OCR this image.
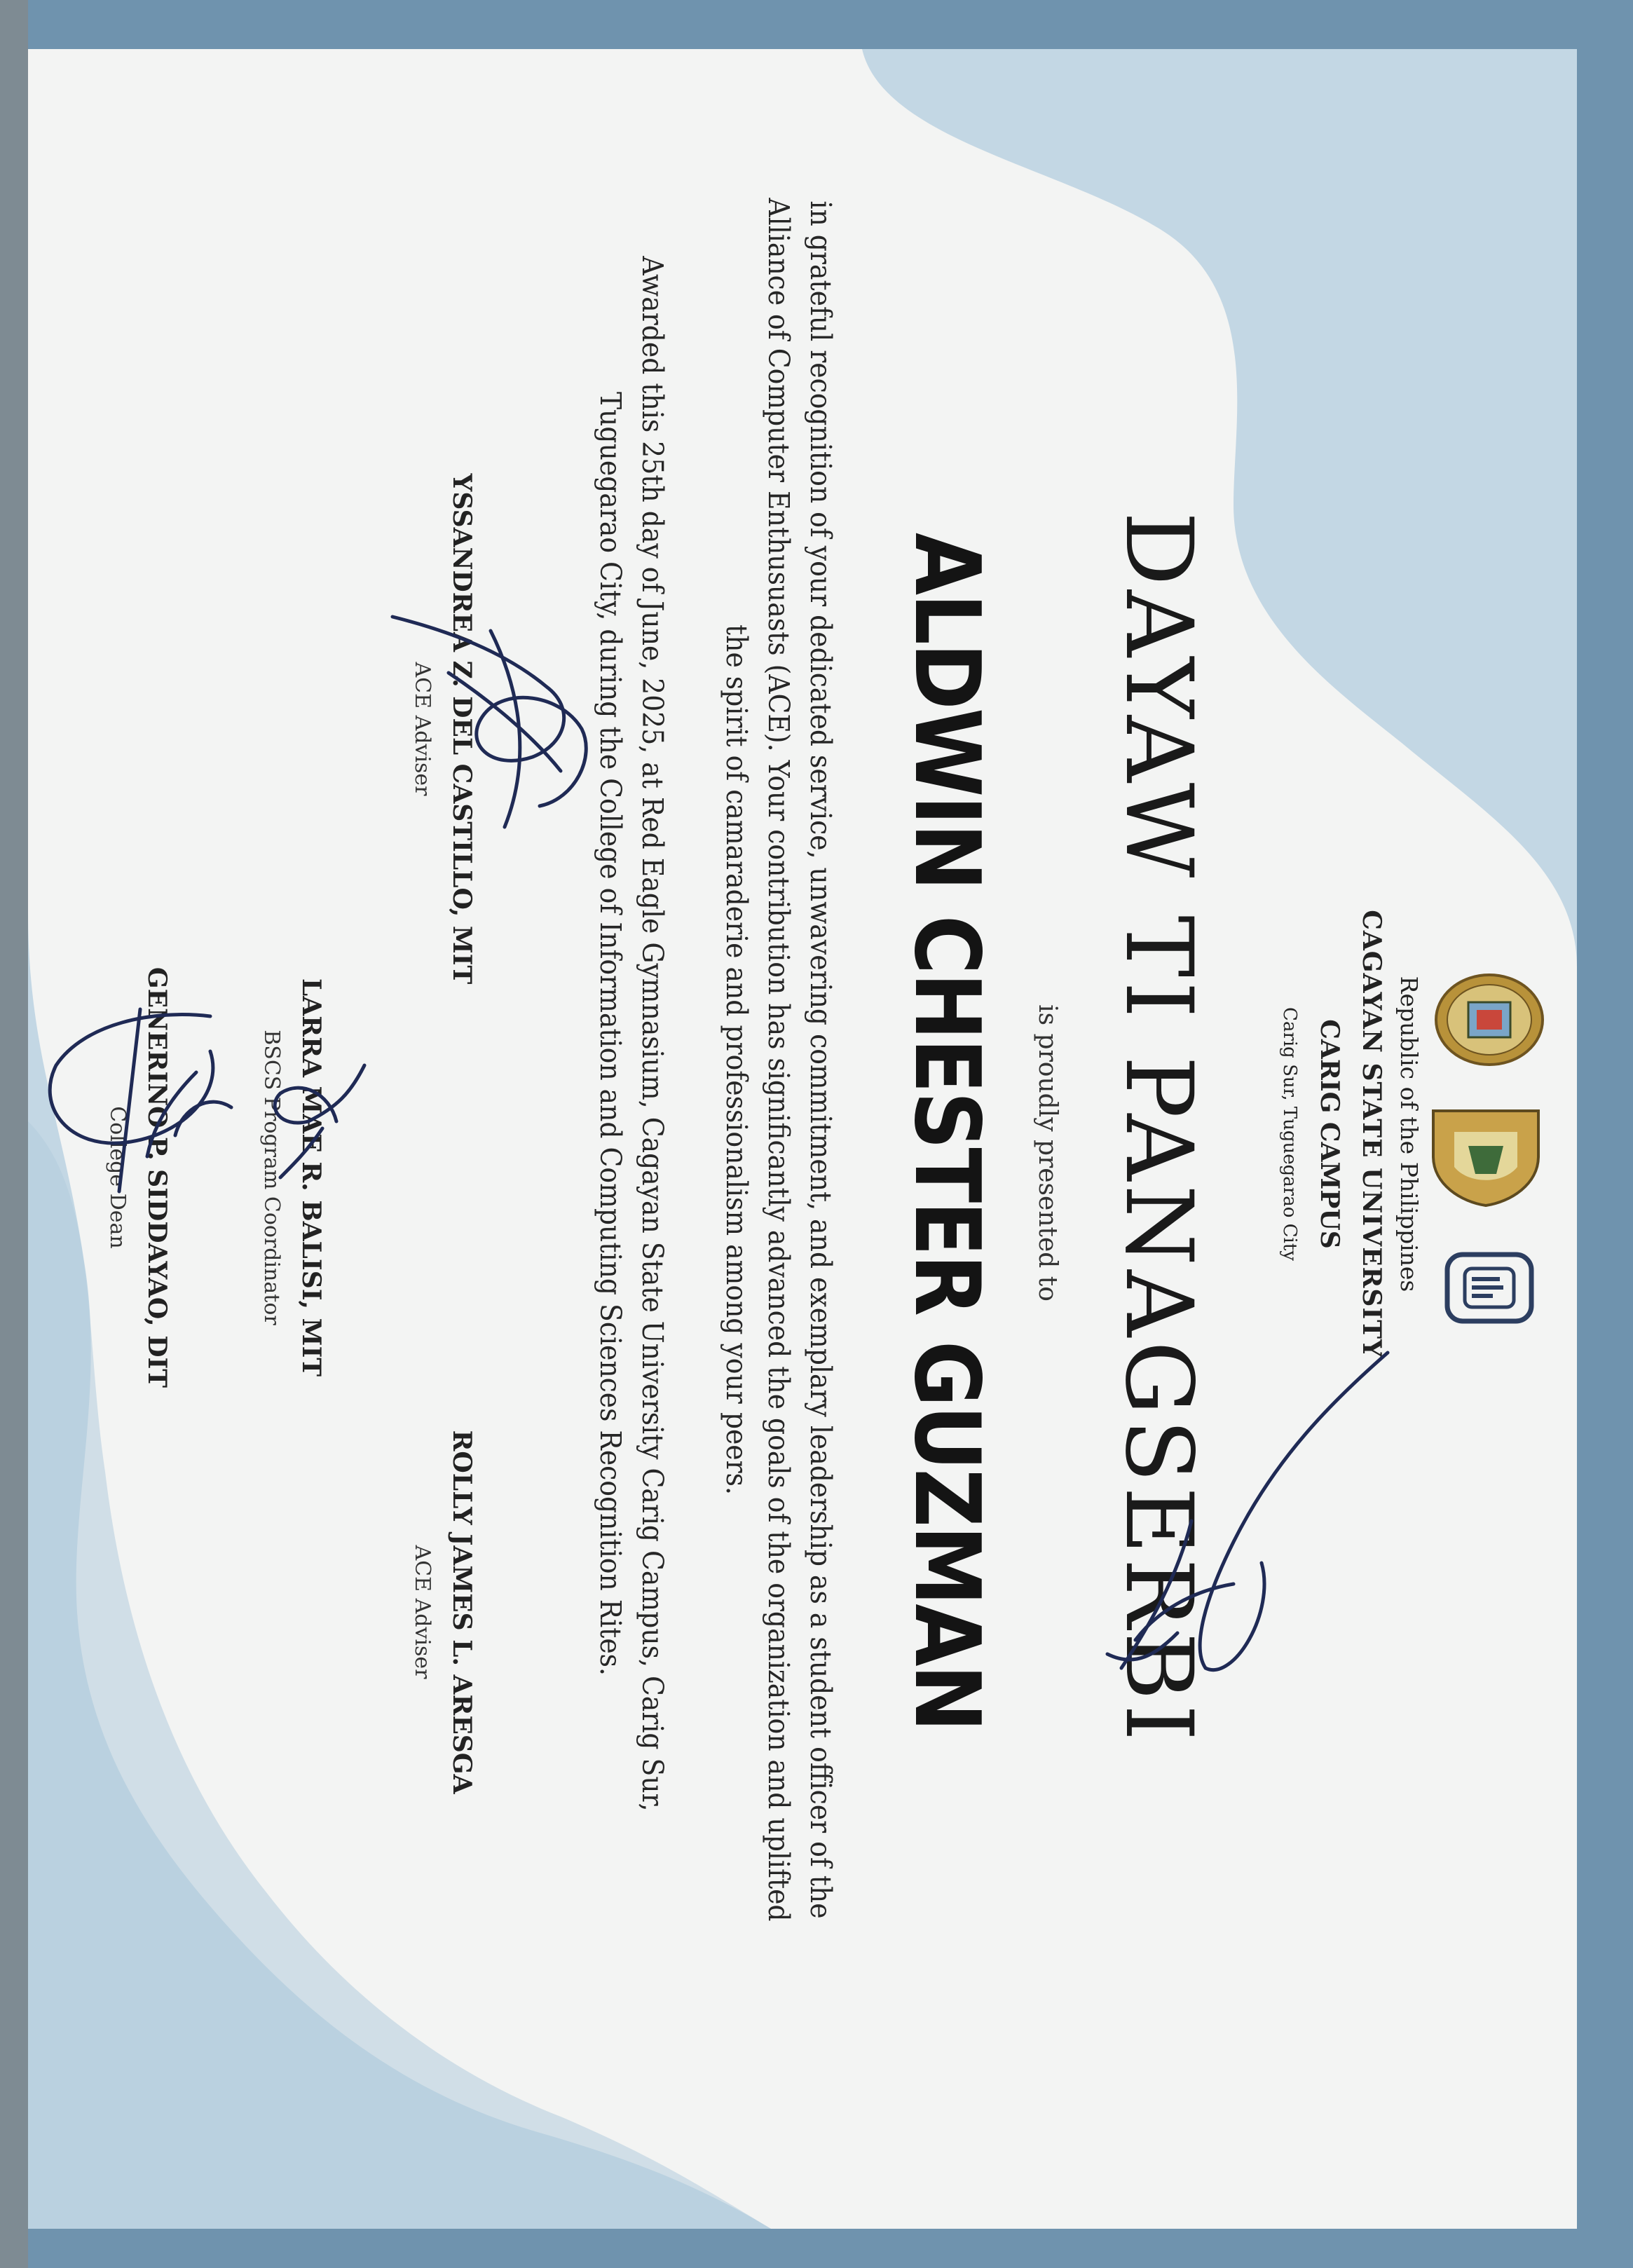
Republic of the Philippines
CAGAYAN STATE UNIVERSITY
CARIG CAMPUS
Carig Sur, Tuguegarao City
DAYAW TI PANAGSERBI
is proudly presented to
ALDWIN CHESTER GUZMAN
in grateful recognition of your dedicated service, unwavering commitment, and exemplary leadership as a student officer of the
Alliance of Computer Enthusuasts (ACE). Your contribution has significantly advanced the goals of the organization and uplifted
the spirit of camaraderie and professionalism among your peers.
Awarded this 25th day of June, 2025, at Red Eagle Gymnasium, Cagayan State University Carig Campus, Carig Sur,
Tuguegarao City, during the College of Information and Computing Sciences Recognition Rites.
YSSANDREA Z. DEL CASTILLO, MIT
ACE Adviser
ROLLY JAMES L. ARESGA
ACE Adviser
LARRA MAE R. BALISI, MIT
BSCS Program Coordinator
GENERINO P. SIDDAYAO, DIT
College Dean
